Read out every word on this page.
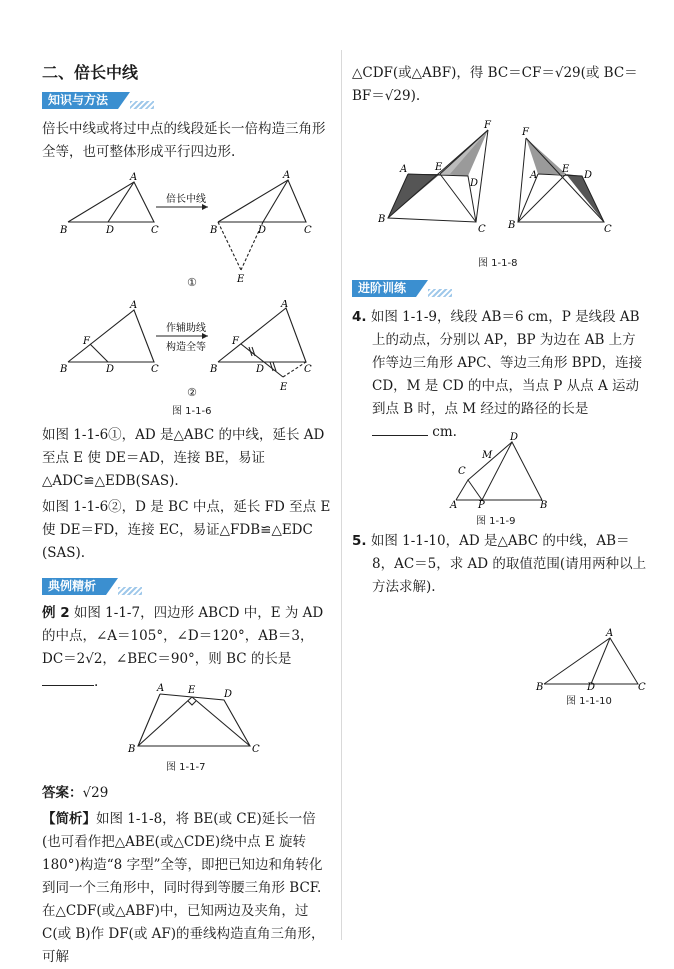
二、倍长中线
知识与方法

倍长中线或将过中点的线段延长一倍构造三角形全等，也可整体形成平行四边形.

A
B	D	C
倍长中线
A
B	D	C
E
①
A
F
B	D	C
作辅助线
构造全等
A
F
B	D	C
E
②
图 1-1-6

如图 1-1-6①，AD 是△ABC 的中线，延长 AD 至点 E 使 DE＝AD，连接 BE，易证△ADC≌△EDB(SAS).

如图 1-1-6②，D 是 BC 中点，延长 FD 至点 E 使 DE＝FD，连接 EC，易证△FDB≌△EDC (SAS).

典例精析

例 2 如图 1-1-7，四边形 ABCD 中，E 为 AD 的中点，∠A＝105°，∠D＝120°，AB＝3，DC＝2√2，∠BEC＝90°，则 BC 的长是 .	A E	D
B	C
图 1-1-7

答案：√29

【简析】如图 1-1-8，将 BE(或 CE)延长一倍(也可看作把△ABE(或△CDE)绕中点 E 旋转 180°)构造“8 字型”全等，即把已知边和角转化到同一个三角形中，同时得到等腰三角形 BCF. 在△CDF(或△ABF)中，已知两边及夹角，过 C(或 B)作 DF(或 AF)的垂线构造直角三角形，可解

△CDF(或△ABF)，得 BC＝CF＝√29(或 BC＝BF＝√29).

A	E
D
B
C
F
F
A
E
D
B	C
图 1-1-8
进阶训练

4. 如图 1-1-9，线段 AB＝6 cm，P 是线段 AB 上的动点，分别以 AP，BP 为边在 AB 上方作等边三角形 APC、等边三角形 BPD，连接 CD，M 是 CD 的中点，当点 P 从点 A 运动到点 B 时，点 M 经过的路径的长是  cm.	D
M
C
A P	B
图 1-1-9

5. 如图 1-1-10，AD 是△ABC 的中线，AB＝8，AC＝5，求 AD 的取值范围(请用两种以上方法求解).

A
B	D	C
图 1-1-10
